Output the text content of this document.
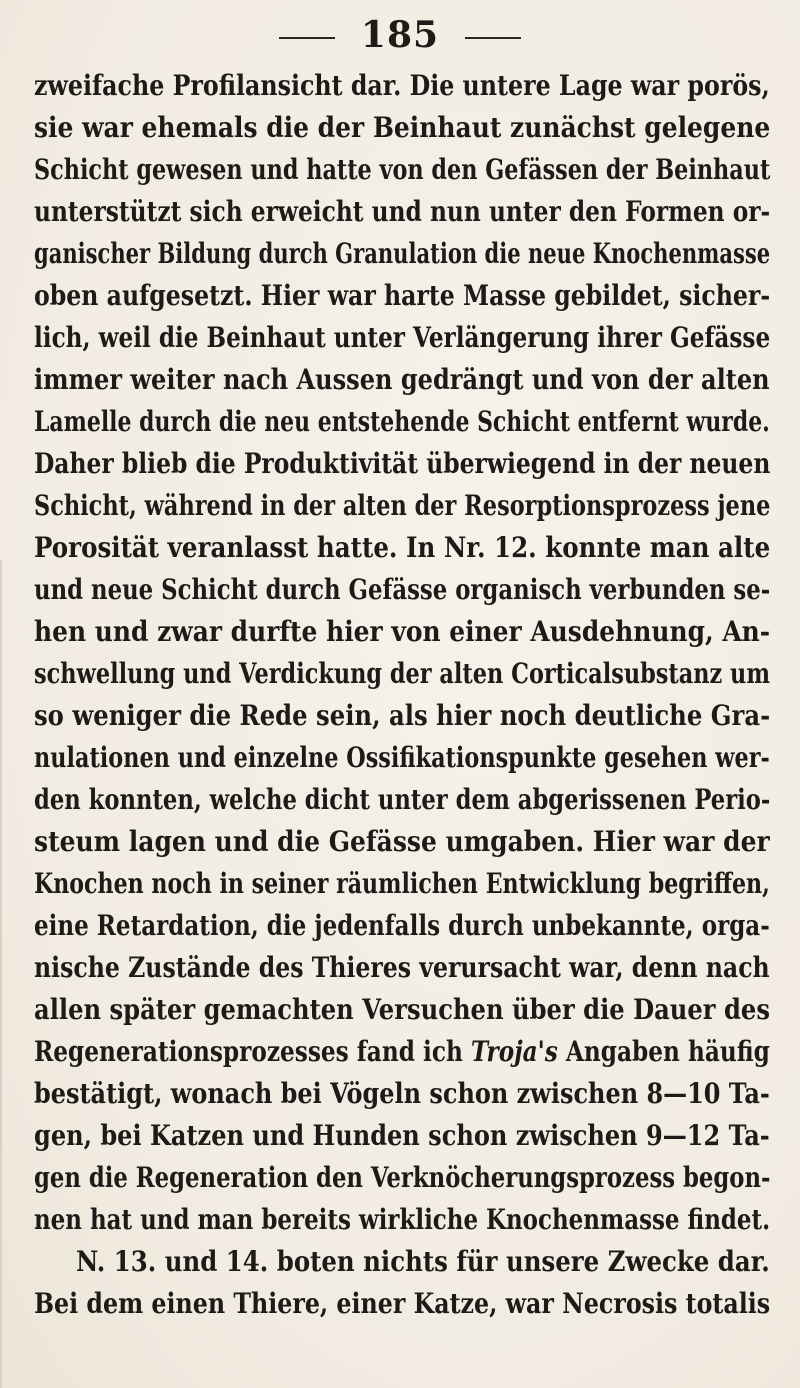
185
zweifache Profilansicht dar. Die untere Lage war porös,
sie war ehemals die der Beinhaut zunächst gelegene
Schicht gewesen und hatte von den Gefässen der Beinhaut
unterstützt sich erweicht und nun unter den Formen or-
ganischer Bildung durch Granulation die neue Knochenmasse
oben aufgesetzt. Hier war harte Masse gebildet, sicher-
lich, weil die Beinhaut unter Verlängerung ihrer Gefässe
immer weiter nach Aussen gedrängt und von der alten
Lamelle durch die neu entstehende Schicht entfernt wurde.
Daher blieb die Produktivität überwiegend in der neuen
Schicht, während in der alten der Resorptionsprozess jene
Porosität veranlasst hatte. In Nr. 12. konnte man alte
und neue Schicht durch Gefässe organisch verbunden se-
hen und zwar durfte hier von einer Ausdehnung, An-
schwellung und Verdickung der alten Corticalsubstanz um
so weniger die Rede sein, als hier noch deutliche Gra-
nulationen und einzelne Ossifikationspunkte gesehen wer-
den konnten, welche dicht unter dem abgerissenen Perio-
steum lagen und die Gefässe umgaben. Hier war der
Knochen noch in seiner räumlichen Entwicklung begriffen,
eine Retardation, die jedenfalls durch unbekannte, orga-
nische Zustände des Thieres verursacht war, denn nach
allen später gemachten Versuchen über die Dauer des
Regenerationsprozesses fand ich Troja's Angaben häufig
bestätigt, wonach bei Vögeln schon zwischen 8—10 Ta-
gen, bei Katzen und Hunden schon zwischen 9—12 Ta-
gen die Regeneration den Verknöcherungsprozess begon-
nen hat und man bereits wirkliche Knochenmasse findet.
N. 13. und 14. boten nichts für unsere Zwecke dar.
Bei dem einen Thiere, einer Katze, war Necrosis totalis
